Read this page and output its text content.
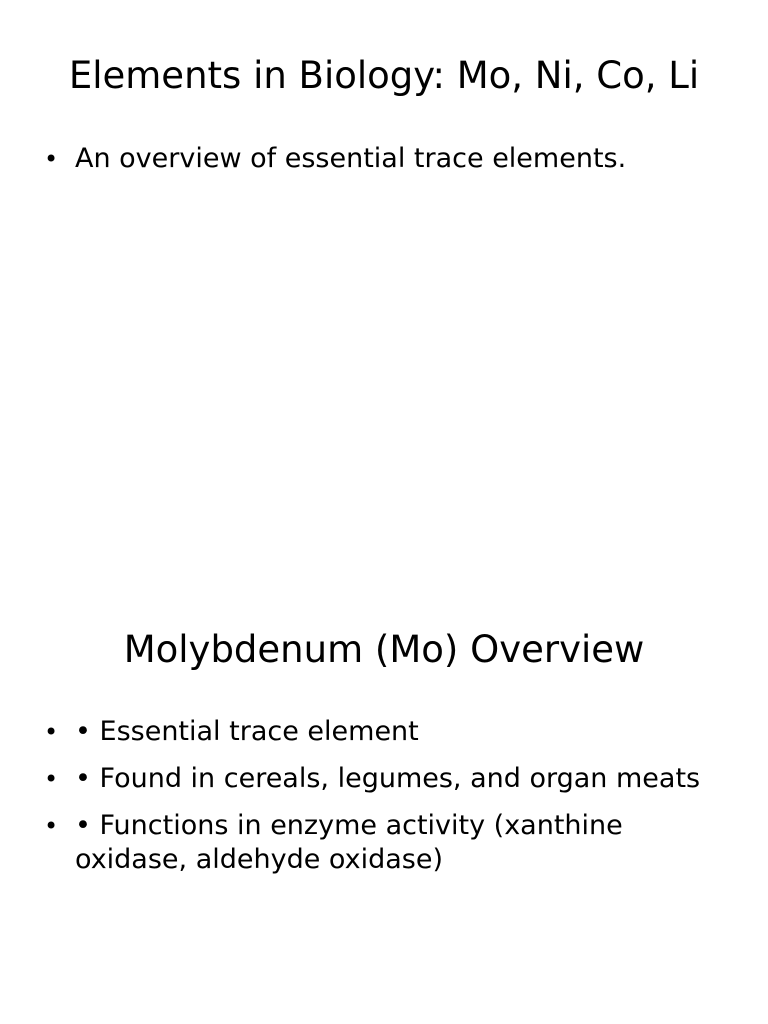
Elements in Biology: Mo, Ni, Co, Li
• An overview of essential trace elements.
Molybdenum (Mo) Overview
• • Essential trace element
• • Found in cereals, legumes, and organ meats
• • Functions in enzyme activity (xanthine oxidase, aldehyde oxidase)
